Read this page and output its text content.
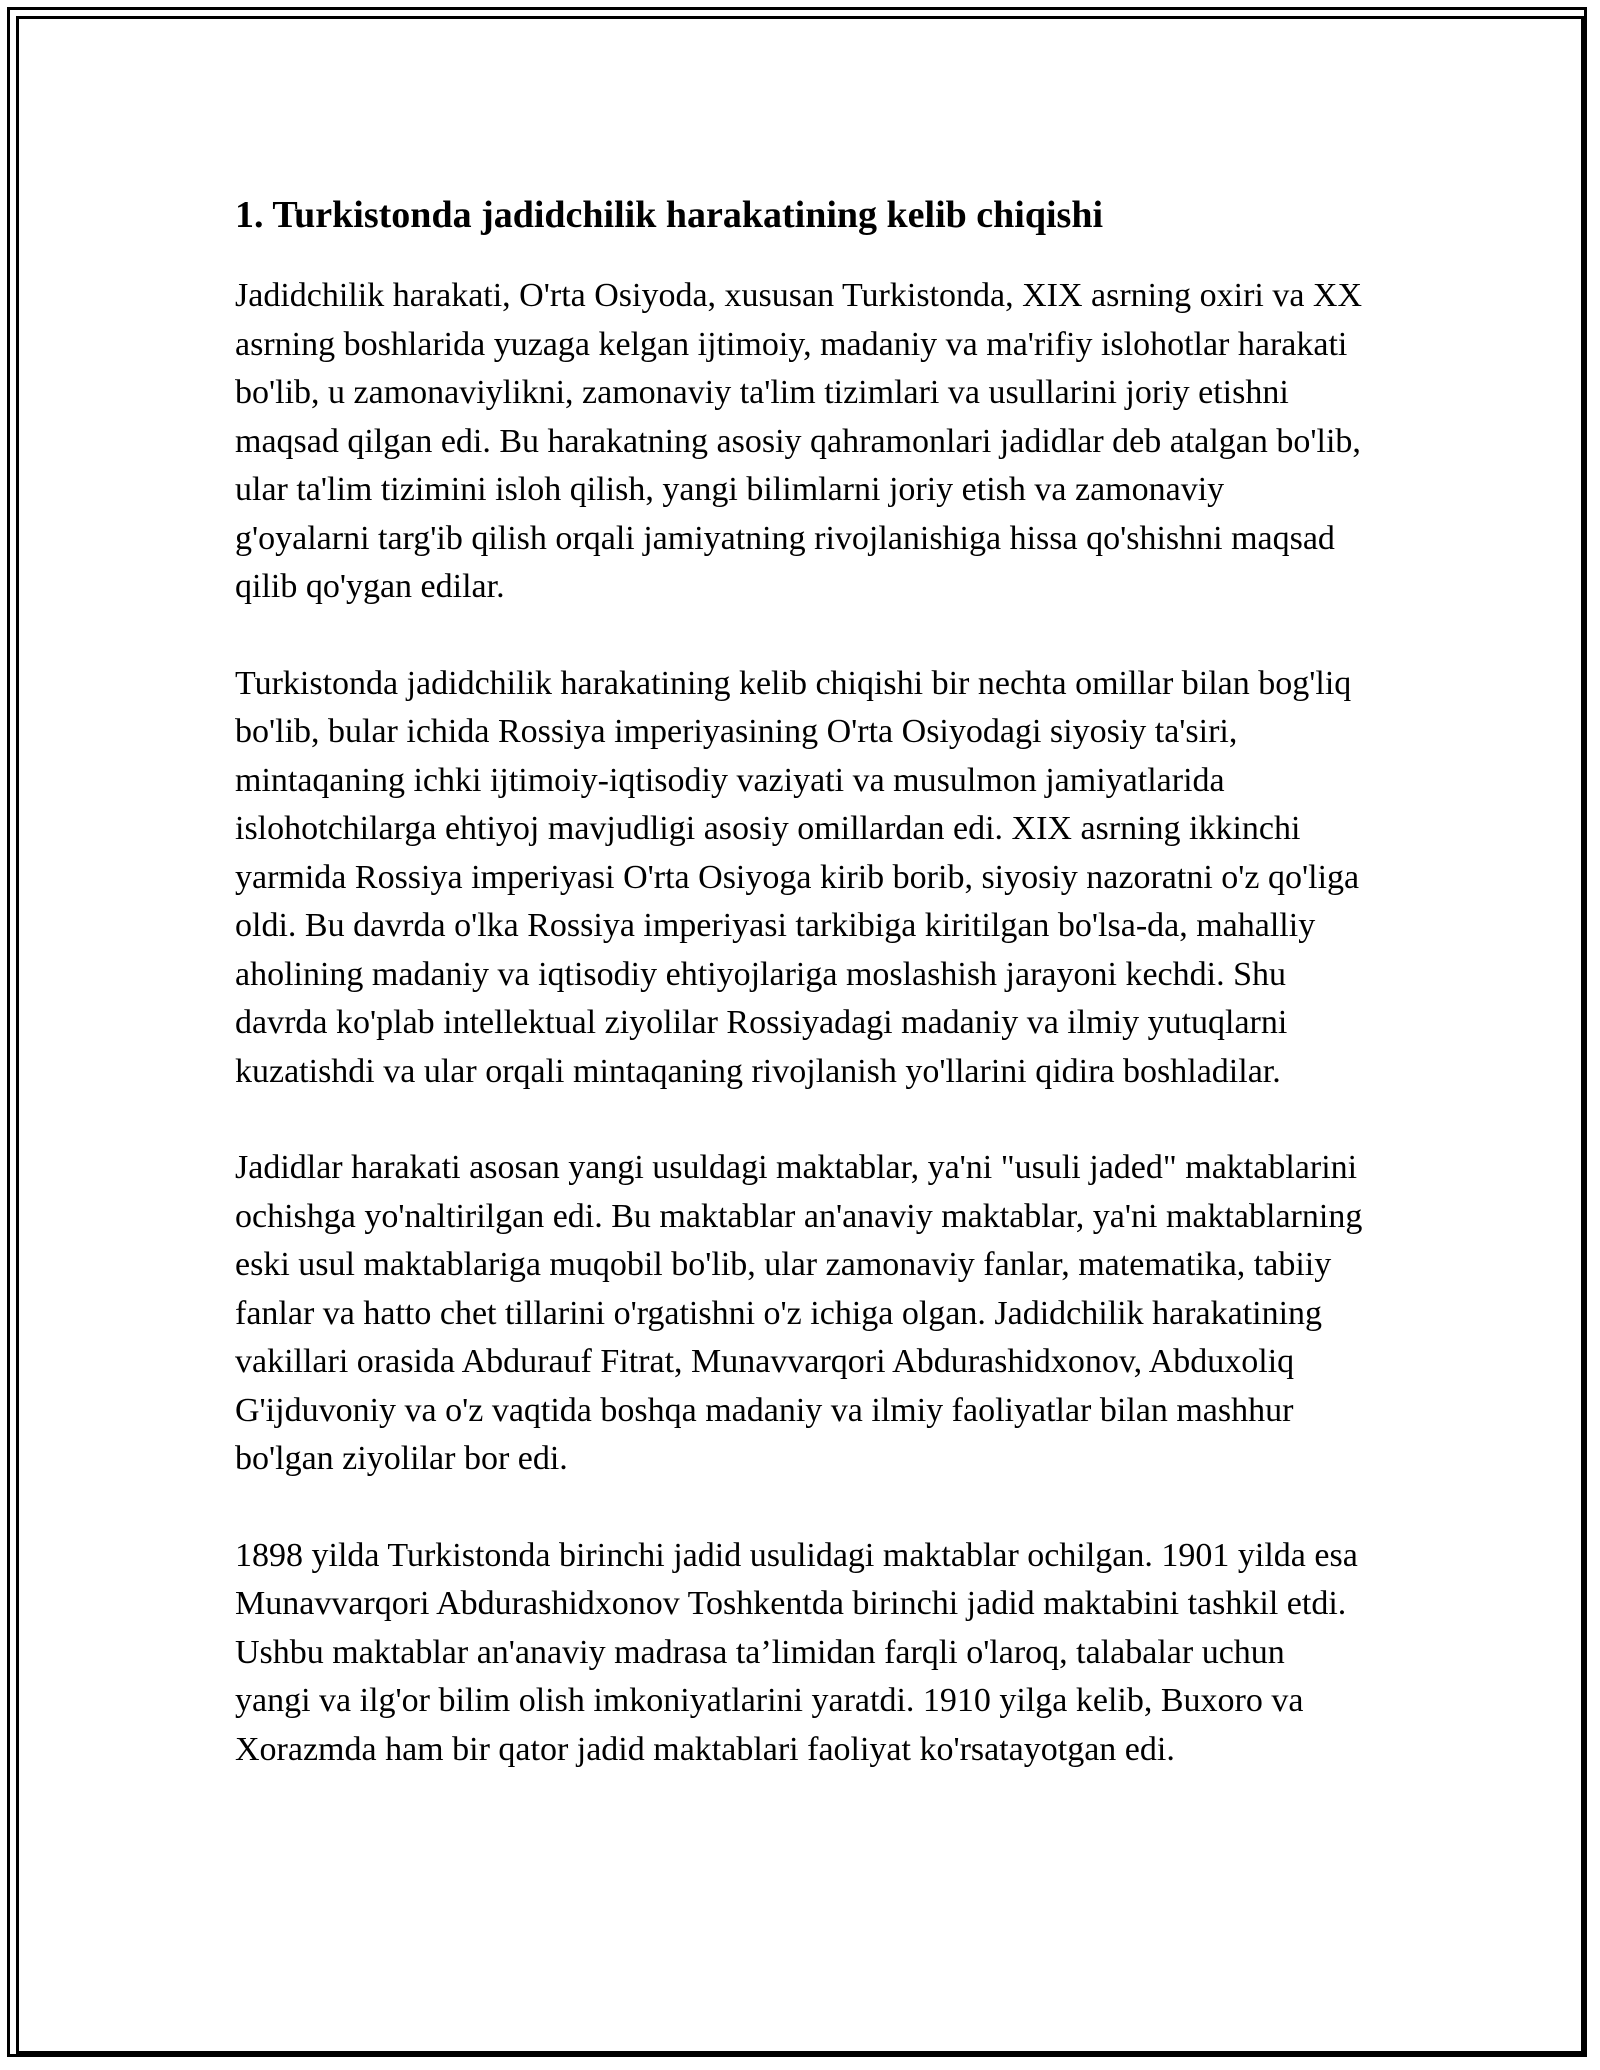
1. Turkistonda jadidchilik harakatining kelib chiqishi

Jadidchilik harakati, O'rta Osiyoda, xususan Turkistonda, XIX asrning oxiri va XX asrning boshlarida yuzaga kelgan ijtimoiy, madaniy va ma'rifiy islohotlar harakati bo'lib, u zamonaviylikni, zamonaviy ta'lim tizimlari va usullarini joriy etishni maqsad qilgan edi. Bu harakatning asosiy qahramonlari jadidlar deb atalgan bo'lib, ular ta'lim tizimini isloh qilish, yangi bilimlarni joriy etish va zamonaviy g'oyalarni targ'ib qilish orqali jamiyatning rivojlanishiga hissa qo'shishni maqsad qilib qo'ygan edilar.

Turkistonda jadidchilik harakatining kelib chiqishi bir nechta omillar bilan bog'liq bo'lib, bular ichida Rossiya imperiyasining O'rta Osiyodagi siyosiy ta'siri, mintaqaning ichki ijtimoiy-iqtisodiy vaziyati va musulmon jamiyatlarida islohotchilarga ehtiyoj mavjudligi asosiy omillardan edi. XIX asrning ikkinchi yarmida Rossiya imperiyasi O'rta Osiyoga kirib borib, siyosiy nazoratni o'z qo'liga oldi. Bu davrda o'lka Rossiya imperiyasi tarkibiga kiritilgan bo'lsa-da, mahalliy aholining madaniy va iqtisodiy ehtiyojlariga moslashish jarayoni kechdi. Shu davrda ko'plab intellektual ziyolilar Rossiyadagi madaniy va ilmiy yutuqlarni kuzatishdi va ular orqali mintaqaning rivojlanish yo'llarini qidira boshladilar.

Jadidlar harakati asosan yangi usuldagi maktablar, ya'ni "usuli jaded" maktablarini ochishga yo'naltirilgan edi. Bu maktablar an'anaviy maktablar, ya'ni maktablarning eski usul maktablariga muqobil bo'lib, ular zamonaviy fanlar, matematika, tabiiy fanlar va hatto chet tillarini o'rgatishni o'z ichiga olgan. Jadidchilik harakatining vakillari orasida Abdurauf Fitrat, Munavvarqori Abdurashidxonov, Abduxoliq G'ijduvoniy va o'z vaqtida boshqa madaniy va ilmiy faoliyatlar bilan mashhur bo'lgan ziyolilar bor edi.

1898 yilda Turkistonda birinchi jadid usulidagi maktablar ochilgan. 1901 yilda esa Munavvarqori Abdurashidxonov Toshkentda birinchi jadid maktabini tashkil etdi. Ushbu maktablar an'anaviy madrasa ta’limidan farqli o'laroq, talabalar uchun yangi va ilg'or bilim olish imkoniyatlarini yaratdi. 1910 yilga kelib, Buxoro va Xorazmda ham bir qator jadid maktablari faoliyat ko'rsatayotgan edi.
